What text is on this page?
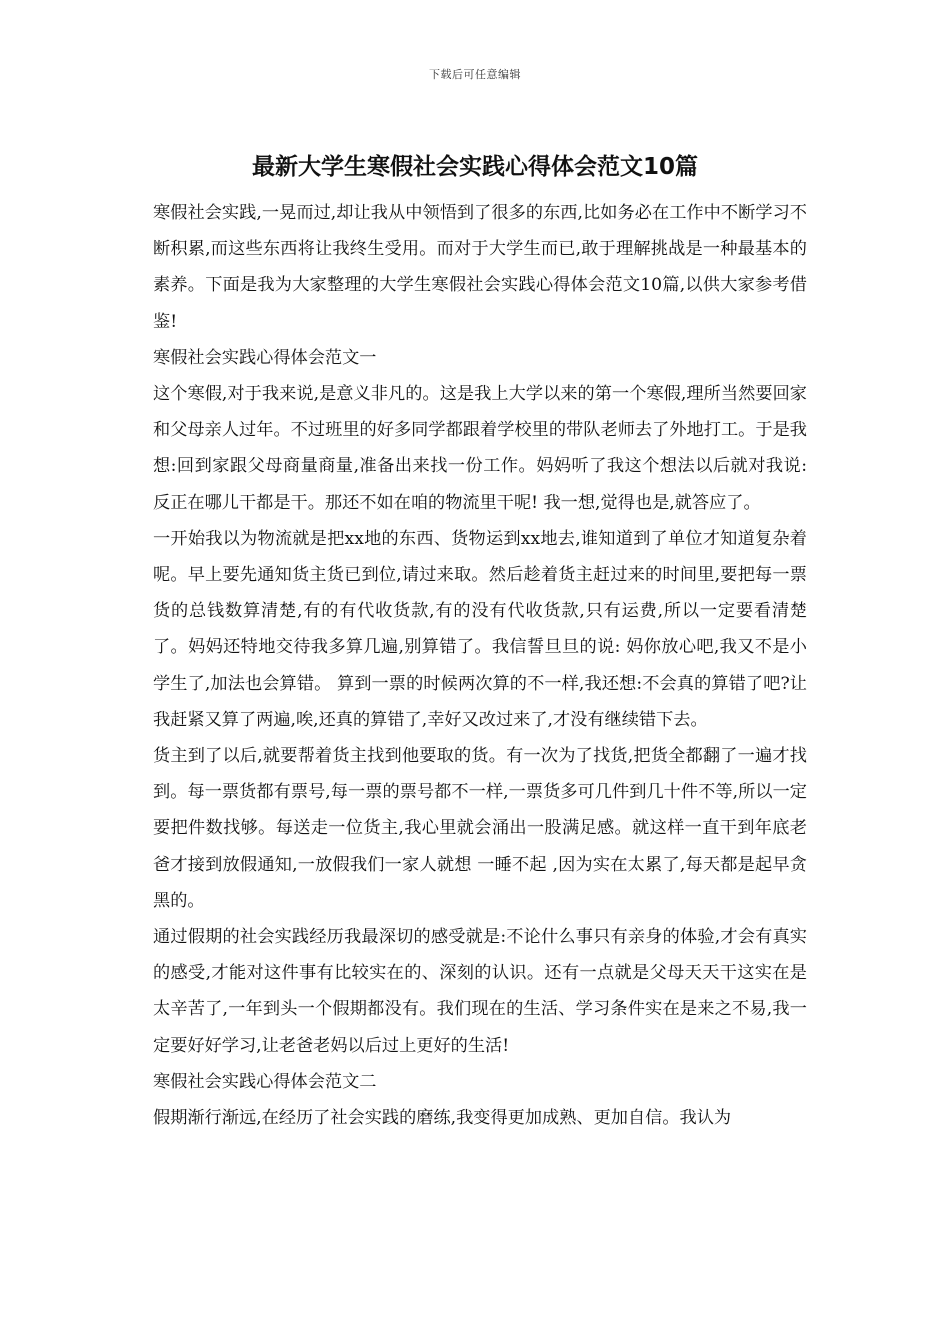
下载后可任意编辑
最新大学生寒假社会实践心得体会范文10篇

寒假社会实践,一晃而过,却让我从中领悟到了很多的东西,比如务必在工作中不断学习不断积累,而这些东西将让我终生受用。而对于大学生而已,敢于理解挑战是一种最基本的素养。下面是我为大家整理的大学生寒假社会实践心得体会范文10篇,以供大家参考借鉴!

寒假社会实践心得体会范文一

这个寒假,对于我来说,是意义非凡的。这是我上大学以来的第一个寒假,理所当然要回家和父母亲人过年。不过班里的好多同学都跟着学校里的带队老师去了外地打工。于是我想:回到家跟父母商量商量,准备出来找一份工作。妈妈听了我这个想法以后就对我说: 反正在哪儿干都是干。那还不如在咱的物流里干呢! 我一想,觉得也是,就答应了。

一开始我以为物流就是把xx地的东西、货物运到xx地去,谁知道到了单位才知道复杂着呢。早上要先通知货主货已到位,请过来取。然后趁着货主赶过来的时间里,要把每一票货的总钱数算清楚,有的有代收货款,有的没有代收货款,只有运费,所以一定要看清楚了。妈妈还特地交待我多算几遍,别算错了。我信誓旦旦的说: 妈你放心吧,我又不是小学生了,加法也会算错。 算到一票的时候两次算的不一样,我还想:不会真的算错了吧?让我赶紧又算了两遍,唉,还真的算错了,幸好又改过来了,才没有继续错下去。

货主到了以后,就要帮着货主找到他要取的货。有一次为了找货,把货全都翻了一遍才找到。每一票货都有票号,每一票的票号都不一样,一票货多可几件到几十件不等,所以一定要把件数找够。每送走一位货主,我心里就会涌出一股满足感。就这样一直干到年底老爸才接到放假通知,一放假我们一家人就想 一睡不起 ,因为实在太累了,每天都是起早贪黑的。

通过假期的社会实践经历我最深切的感受就是:不论什么事只有亲身的体验,才会有真实的感受,才能对这件事有比较实在的、深刻的认识。还有一点就是父母天天干这实在是太辛苦了,一年到头一个假期都没有。我们现在的生活、学习条件实在是来之不易,我一定要好好学习,让老爸老妈以后过上更好的生活!

寒假社会实践心得体会范文二

假期渐行渐远,在经历了社会实践的磨练,我变得更加成熟、更加自信。我认为
